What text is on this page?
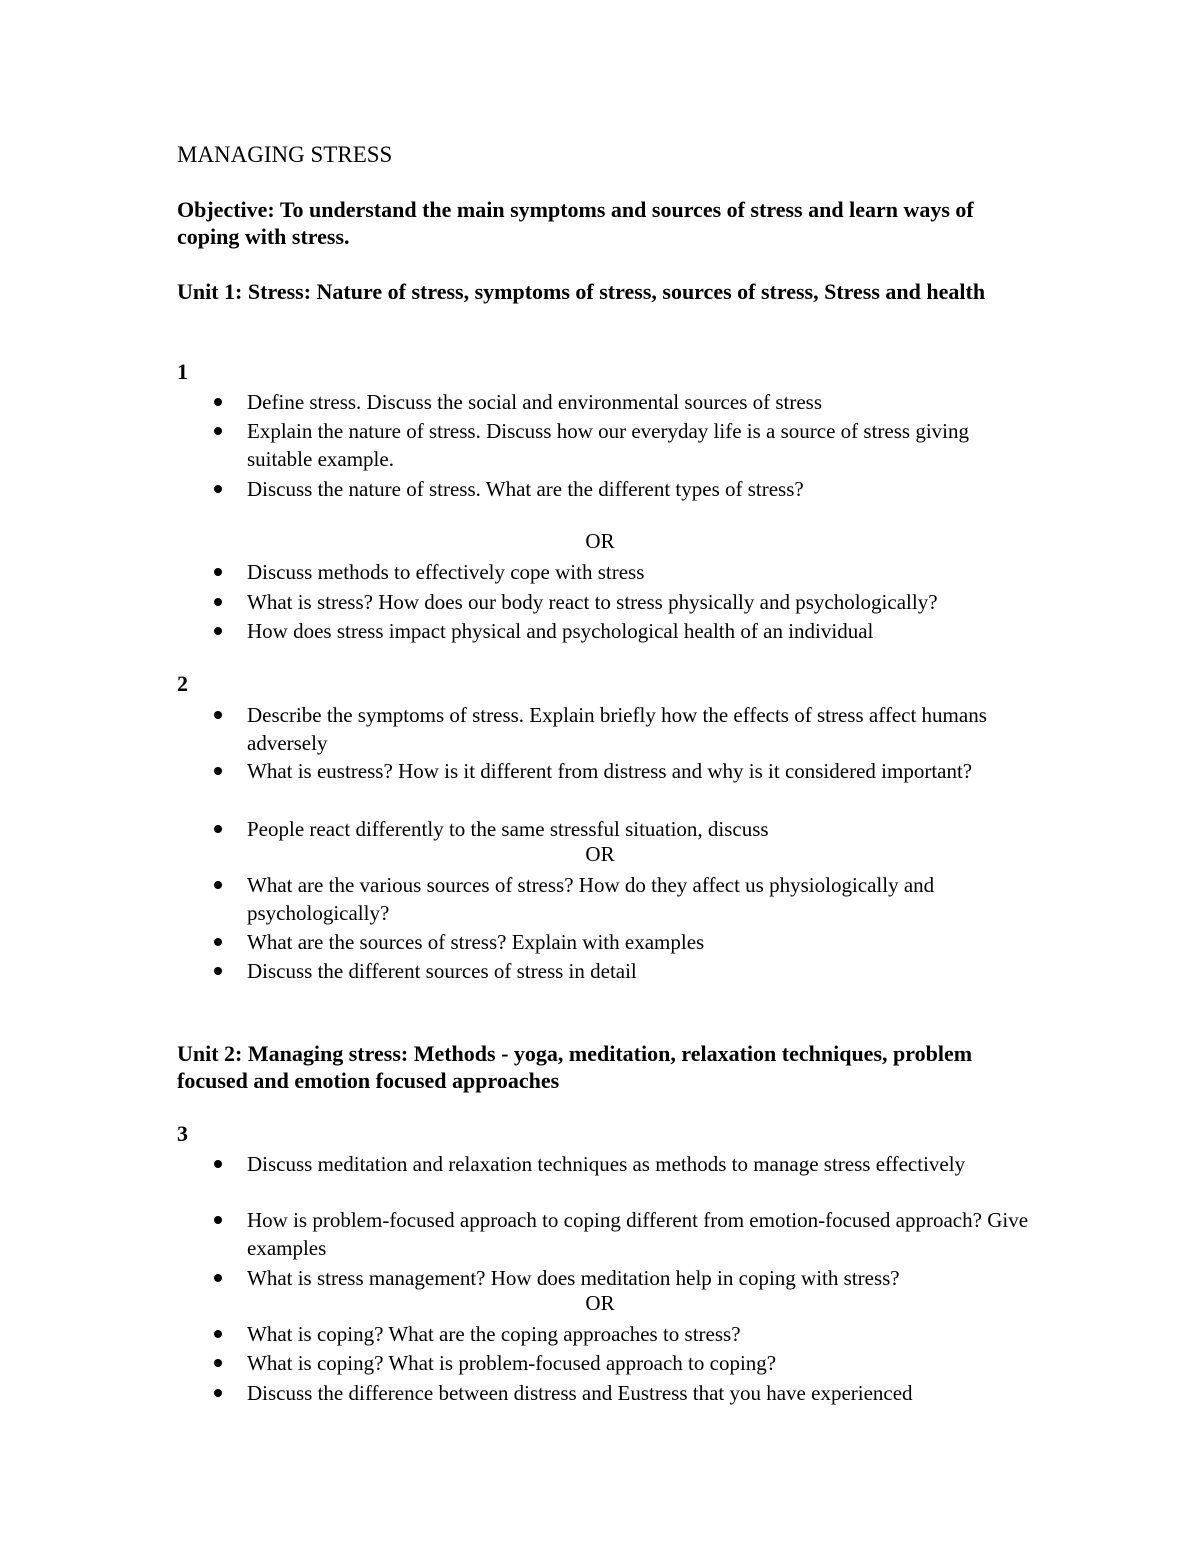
MANAGING STRESS

Objective: To understand the main symptoms and sources of stress and learn ways of coping with stress.

Unit 1: Stress: Nature of stress, symptoms of stress, sources of stress, Stress and health

1

Define stress. Discuss the social and environmental sources of stress

Explain the nature of stress. Discuss how our everyday life is a source of stress giving suitable example.

Discuss the nature of stress. What are the different types of stress?

OR

Discuss methods to effectively cope with stress

What is stress? How does our body react to stress physically and psychologically?

How does stress impact physical and psychological health of an individual

2

Describe the symptoms of stress. Explain briefly how the effects of stress affect humans adversely

What is eustress? How is it different from distress and why is it considered important?

People react differently to the same stressful situation, discuss

OR

What are the various sources of stress? How do they affect us physiologically and psychologically?

What are the sources of stress? Explain with examples

Discuss the different sources of stress in detail

Unit 2: Managing stress: Methods - yoga, meditation, relaxation techniques, problem focused and emotion focused approaches

3

Discuss meditation and relaxation techniques as methods to manage stress effectively

How is problem-focused approach to coping different from emotion-focused approach? Give examples

What is stress management? How does meditation help in coping with stress?

OR

What is coping? What are the coping approaches to stress?

What is coping? What is problem-focused approach to coping?

Discuss the difference between distress and Eustress that you have experienced
